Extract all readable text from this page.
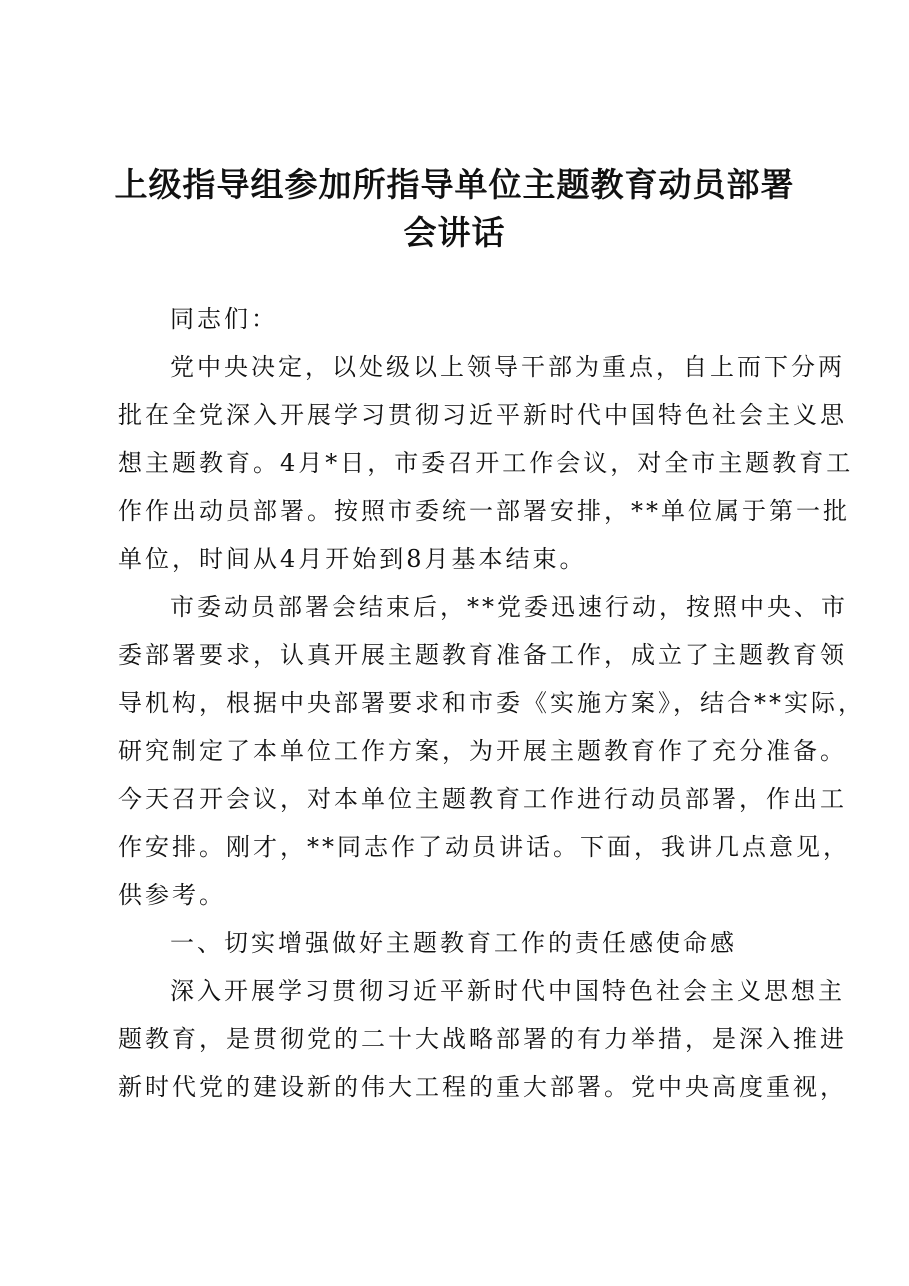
上级指导组参加所指导单位主题教育动员部署
会讲话
同志们：
党中央决定，以处级以上领导干部为重点，自上而下分两
批在全党深入开展学习贯彻习近平新时代中国特色社会主义思
想主题教育。4月*日，市委召开工作会议，对全市主题教育工
作作出动员部署。按照市委统一部署安排，**单位属于第一批
单位，时间从4月开始到8月基本结束。
市委动员部署会结束后，**党委迅速行动，按照中央、市
委部署要求，认真开展主题教育准备工作，成立了主题教育领
导机构，根据中央部署要求和市委《实施方案》，结合**实际，
研究制定了本单位工作方案，为开展主题教育作了充分准备。
今天召开会议，对本单位主题教育工作进行动员部署，作出工
作安排。刚才，**同志作了动员讲话。下面，我讲几点意见，
供参考。
一、切实增强做好主题教育工作的责任感使命感
深入开展学习贯彻习近平新时代中国特色社会主义思想主
题教育，是贯彻党的二十大战略部署的有力举措，是深入推进
新时代党的建设新的伟大工程的重大部署。党中央高度重视，
